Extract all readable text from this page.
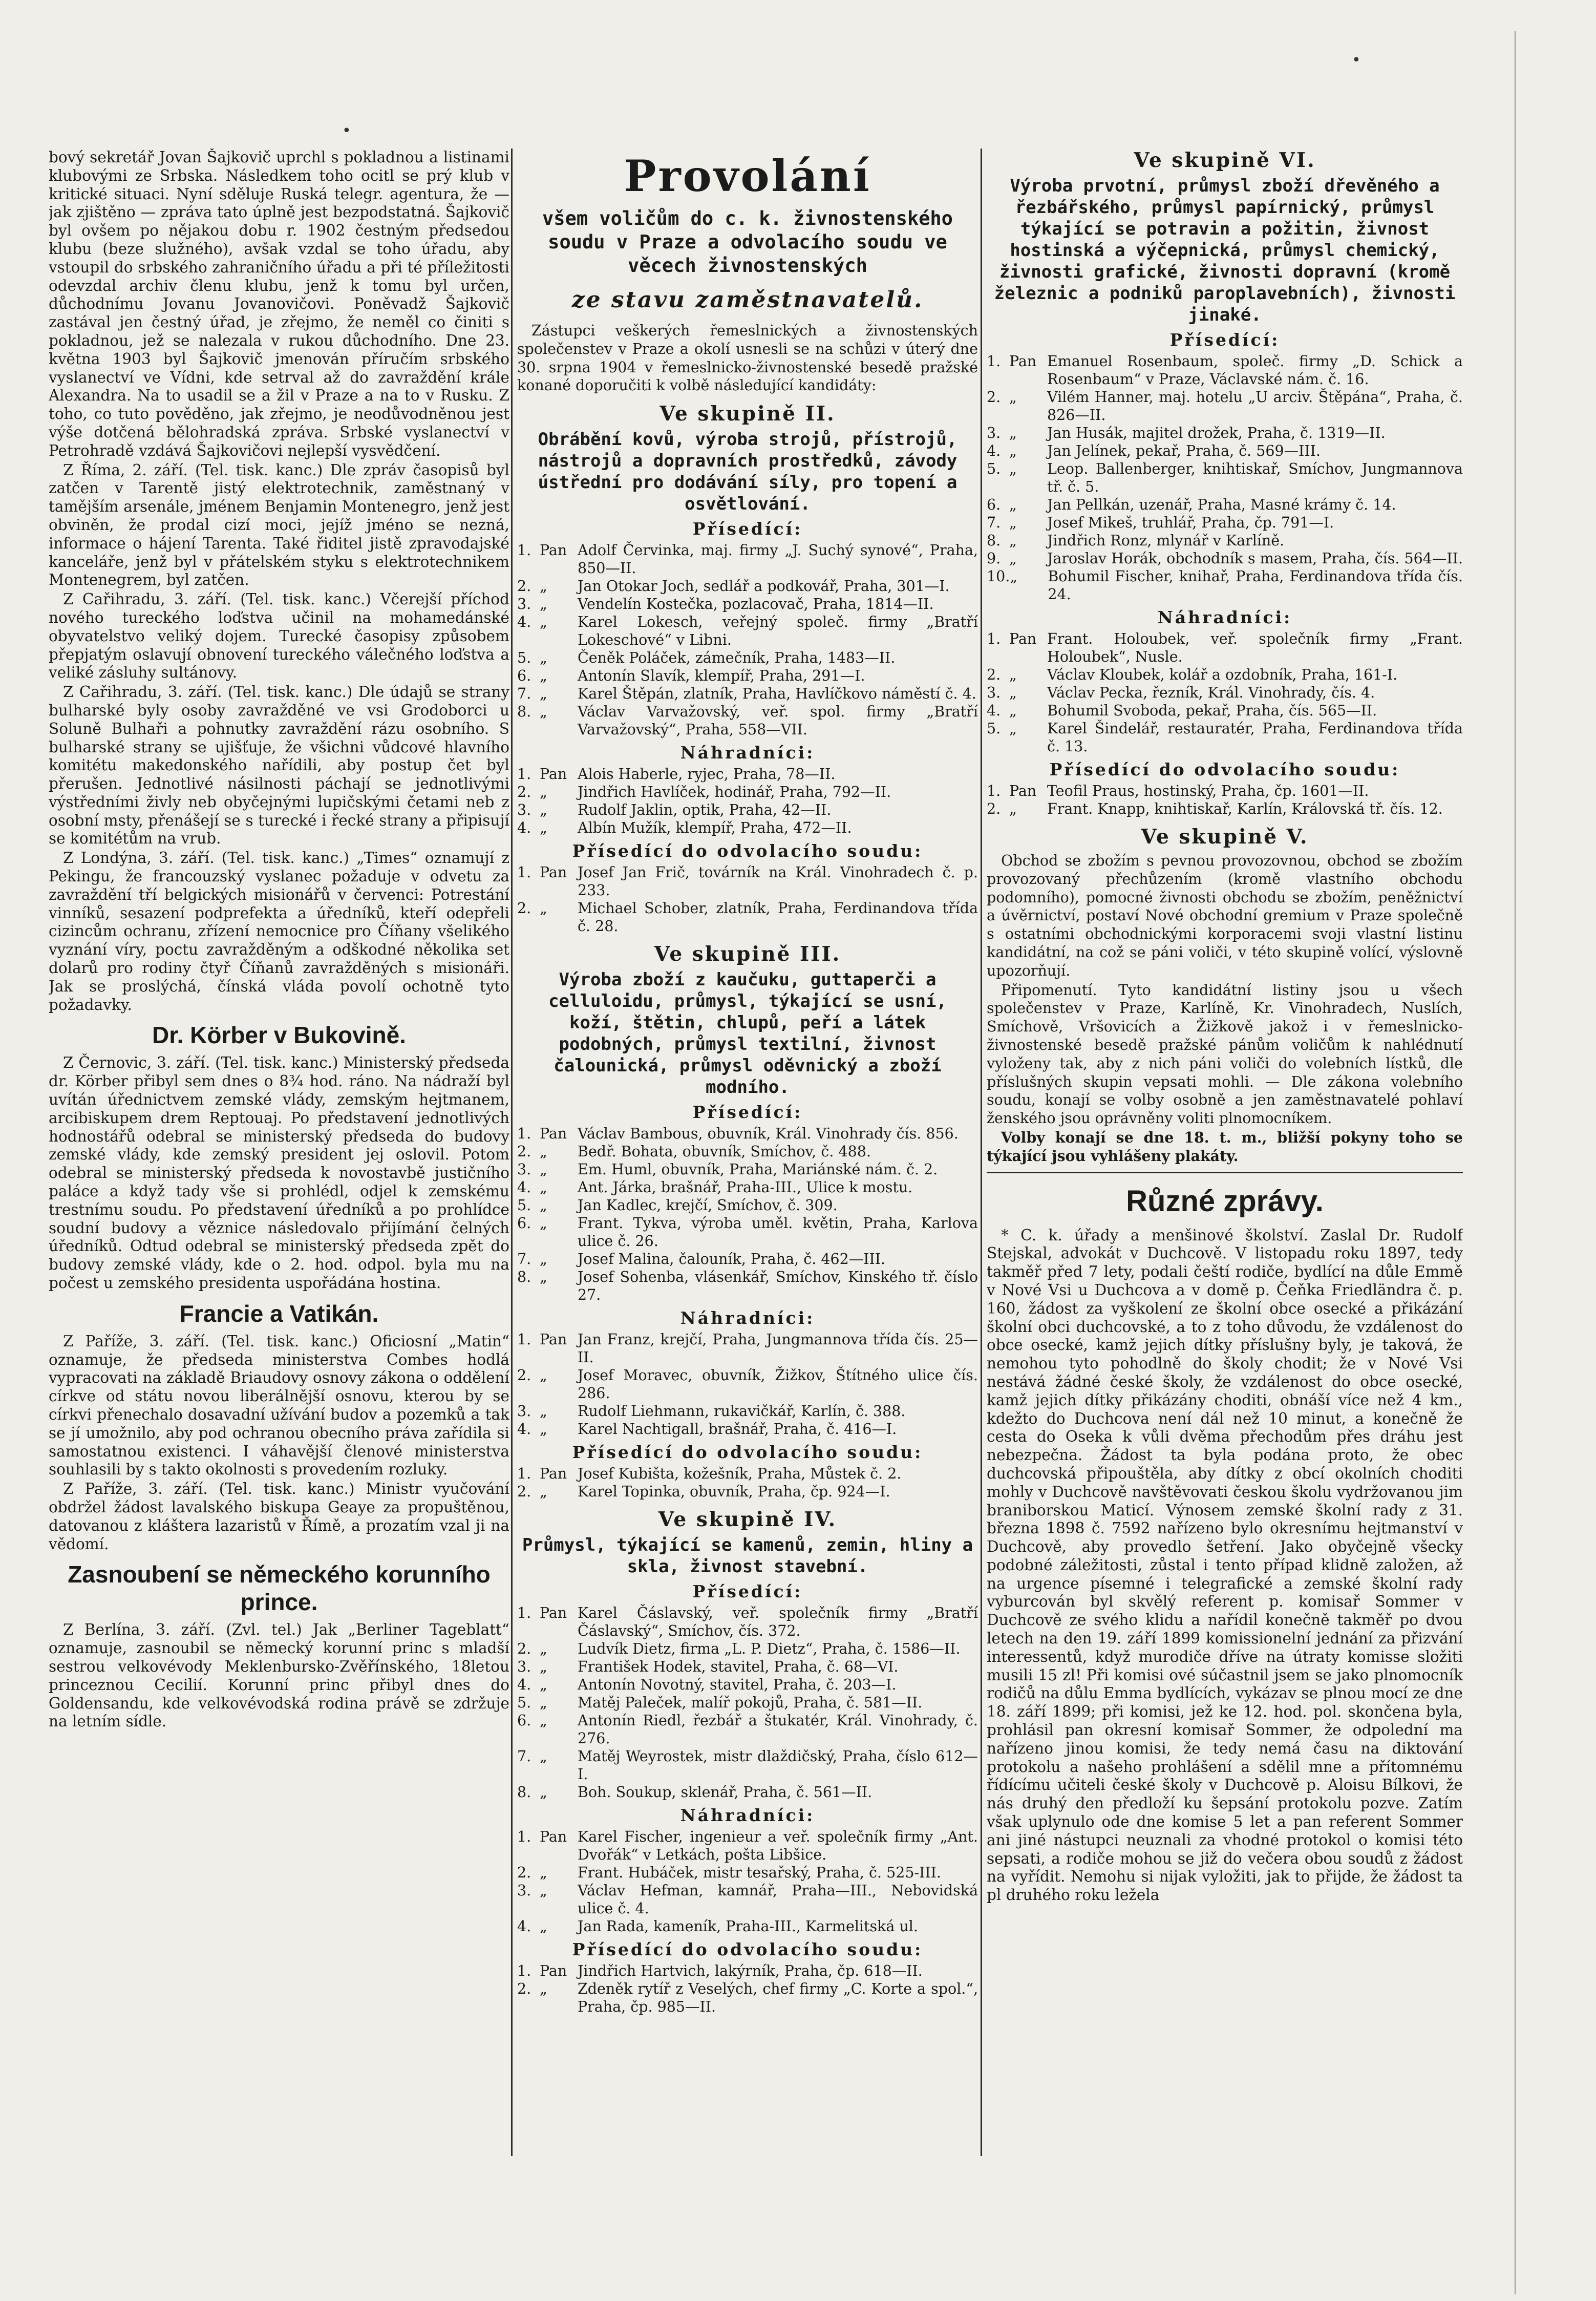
•
•

bový sekretář Jovan Šajkovič uprchl s pokladnou a listinami klubovými ze Srbska. Následkem toho ocitl se prý klub v kritické situaci. Nyní sděluje Ruská telegr. agentura, že — jak zjištěno — zpráva tato úplně jest bezpodstatná. Šajkovič byl ovšem po nějakou dobu r. 1902 čestným předsedou klubu (beze služného), avšak vzdal se toho úřadu, aby vstoupil do srbského zahraničního úřadu a při té příležitosti odevzdal archiv členu klubu, jenž k tomu byl určen, důchodnímu Jovanu Jovanovičovi. Poněvadž Šajkovič zastával jen čestný úřad, je zřejmo, že neměl co činiti s pokladnou, jež se nalezala v rukou důchodního. Dne 23. května 1903 byl Šajkovič jmenován příručím srbského vyslanectví ve Vídni, kde setrval až do zavraždění krále Alexandra. Na to usadil se a žil v Praze a na to v Rusku. Z toho, co tuto pověděno, jak zřejmo, je neodůvodněnou jest výše dotčená bělohradská zpráva. Srbské vyslanectví v Petrohradě vzdává Šajkovičovi nejlepší vysvědčení.

Z Říma, 2. září. (Tel. tisk. kanc.) Dle zpráv časopisů byl zatčen v Tarentě jistý elektrotechnik, zaměstnaný v tamějším arsenále, jménem Benjamin Montenegro, jenž jest obviněn, že prodal cizí moci, jejíž jméno se nezná, informace o hájení Tarenta. Také řiditel jistě zpravodajské kanceláře, jenž byl v přátelském styku s elektrotechnikem Montenegrem, byl zatčen.

Z Cařihradu, 3. září. (Tel. tisk. kanc.) Včerejší příchod nového tureckého loďstva učinil na mohamedánské obyvatelstvo veliký dojem. Turecké časopisy způsobem přepjatým oslavují obnovení tureckého válečného loďstva a veliké zásluhy sultánovy.

Z Cařihradu, 3. září. (Tel. tisk. kanc.) Dle údajů se strany bulharské byly osoby zavražděné ve vsi Grodoborci u Soluně Bulhaři a pohnutky zavraždění rázu osobního. S bulharské strany se ujišťuje, že všichni vůdcové hlavního komitétu makedonského nařídili, aby postup čet byl přerušen. Jednotlivé násilnosti páchají se jednotlivými výstředními živly neb obyčejnými lupičskými četami neb z osobní msty, přenášejí se s turecké i řecké strany a připisují se komitétům na vrub.

Z Londýna, 3. září. (Tel. tisk. kanc.) „Times“ oznamují z Pekingu, že francouzský vyslanec požaduje v odvetu za zavraždění tří belgických misionářů v červenci: Potrestání vinníků, sesazení podprefekta a úředníků, kteří odepřeli cizincům ochranu, zřízení nemocnice pro Číňany všelikého vyznání víry, poctu zavražděným a odškodné několika set dolarů pro rodiny čtyř Číňanů zavražděných s misionáři. Jak se proslýchá, čínská vláda povolí ochotně tyto požadavky.

Dr. Körber v Bukovině.

Z Černovic, 3. září. (Tel. tisk. kanc.) Ministerský předseda dr. Körber přibyl sem dnes o 8¾ hod. ráno. Na nádraží byl uvítán úřednictvem zemské vlády, zemským hejtmanem, arcibiskupem drem Reptouaj. Po představení jednotlivých hodnostářů odebral se ministerský předseda do budovy zemské vlády, kde zemský president jej oslovil. Potom odebral se ministerský předseda k novostavbě justičního paláce a když tady vše si prohlédl, odjel k zemskému trestnímu soudu. Po představení úředníků a po prohlídce soudní budovy a věznice následovalo přijímání čelných úředníků. Odtud odebral se ministerský předseda zpět do budovy zemské vlády, kde o 2. hod. odpol. byla mu na počest u zemského presidenta uspořádána hostina.

Francie a Vatikán.

Z Paříže, 3. září. (Tel. tisk. kanc.) Oficiosní „Matin“ oznamuje, že předseda ministerstva Combes hodlá vypracovati na základě Briaudovy osnovy zákona o oddělení církve od státu novou liberálnější osnovu, kterou by se církvi přenechalo dosavadní užívání budov a pozemků a tak se jí umožnilo, aby pod ochranou obecního práva zařídila si samostatnou existenci. I váhavější členové ministerstva souhlasili by s takto okolnosti s provedením rozluky.

Z Paříže, 3. září. (Tel. tisk. kanc.) Ministr vyučování obdržel žádost lavalského biskupa Geaye za propuštěnou, datovanou z kláštera lazaristů v Římě, a prozatím vzal ji na vědomí.

Zasnoubení se německého korunního prince.

Z Berlína, 3. září. (Zvl. tel.) Jak „Berliner Tageblatt“ oznamuje, zasnoubil se německý korunní princ s mladší sestrou velkovévody Meklenbursko-Zvěřínského, 18letou princeznou Cecilií. Korunní princ přibyl dnes do Goldensandu, kde velkovévodská rodina právě se zdržuje na letním sídle.

Provolání
všem voličům do c. k. živnostenského soudu v Praze a odvolacího soudu ve věcech živnostenských
ze stavu zaměstnavatelů.

Zástupci veškerých řemeslnických a živnostenských společenstev v Praze a okolí usnesli se na schůzi v úterý dne 30. srpna 1904 v řemeslnicko-živnostenské besedě pražské konané doporučiti k volbě následující kandidáty:

Ve skupině II.

Obrábění kovů, výroba strojů, přístrojů, nástrojů a dopravních prostředků, závody ústřední pro dodávání síly, pro topení a osvětlování.

Přísedící:
1. Pan Adolf Červinka, maj. firmy „J. Suchý synové“, Praha, 850—II.
2. „	Jan Otokar Joch, sedlář a podkovář, Praha, 301—I.
3. „	Vendelín Kostečka, pozlacovač, Praha, 1814—II.
4. „	Karel Lokesch, veřejný společ. firmy „Bratří Lokeschové“ v Libni.
5. „	Čeněk Poláček, zámečník, Praha, 1483—II.
6. „	Antonín Slavík, klempíř, Praha, 291—I.
7. „	Karel Štěpán, zlatník, Praha, Havlíčkovo náměstí č. 4.
8. „	Václav Varvažovský, veř. spol. firmy „Bratří Varvažovský“, Praha, 558—VII.
Náhradníci:
1. Pan Alois Haberle, ryjec, Praha, 78—II.
2. „	Jindřich Havlíček, hodinář, Praha, 792—II.
3. „	Rudolf Jaklin, optik, Praha, 42—II.
4. „	Albín Mužík, klempíř, Praha, 472—II.
Přísedící do odvolacího soudu:
1. Pan Josef Jan Frič, továrník na Král. Vinohradech č. p. 233.
2. „	Michael Schober, zlatník, Praha, Ferdinandova třída č. 28.
Ve skupině III.

Výroba zboží z kaučuku, guttaperči a celluloidu, průmysl, týkající se usní, koží, štětin, chlupů, peří a látek podobných, průmysl textilní, živnost čalounická, průmysl oděvnický a zboží modního.

Přísedící:
1. Pan Václav Bambous, obuvník, Král. Vinohrady čís. 856.
2. „	Bedř. Bohata, obuvník, Smíchov, č. 488.
3. „	Em. Huml, obuvník, Praha, Mariánské nám. č. 2.
4. „	Ant. Járka, brašnář, Praha-III., Ulice k mostu.
5. „	Jan Kadlec, krejčí, Smíchov, č. 309.
6. „	Frant. Tykva, výroba uměl. květin, Praha, Karlova ulice č. 26.
7. „	Josef Malina, čalouník, Praha, č. 462—III.
8. „	Josef Sohenba, vlásenkář, Smíchov, Kinského tř. číslo 27.
Náhradníci:
1. Pan Jan Franz, krejčí, Praha, Jungmannova třída čís. 25—II.
2. „	Josef Moravec, obuvník, Žižkov, Štítného ulice čís. 286.
3. „	Rudolf Liehmann, rukavičkář, Karlín, č. 388.
4. „	Karel Nachtigall, brašnář, Praha, č. 416—I.
Přísedící do odvolacího soudu:
1. Pan Josef Kubišta, kožešník, Praha, Můstek č. 2.
2. „	Karel Topinka, obuvník, Praha, čp. 924—I.
Ve skupině IV.

Průmysl, týkající se kamenů, zemin, hliny a skla, živnost stavební.

Přísedící:
1. Pan Karel Čáslavský, veř. společník firmy „Bratří Čáslavský“, Smíchov, čís. 372.
2. „	Ludvík Dietz, firma „L. P. Dietz“, Praha, č. 1586—II.
3. „	František Hodek, stavitel, Praha, č. 68—VI.
4. „	Antonín Novotný, stavitel, Praha, č. 203—I.
5. „	Matěj Paleček, malíř pokojů, Praha, č. 581—II.
6. „	Antonín Riedl, řezbář a štukatér, Král. Vinohrady, č. 276.
7. „	Matěj Weyrostek, mistr dlaždičský, Praha, číslo 612—I.
8. „	Boh. Soukup, sklenář, Praha, č. 561—II.
Náhradníci:
1. Pan Karel Fischer, ingenieur a veř. společník firmy „Ant. Dvořák“ v Letkách, pošta Libšice.
2. „	Frant. Hubáček, mistr tesařský, Praha, č. 525-III.
3. „	Václav Hefman, kamnář, Praha—III., Nebovidská ulice č. 4.
4. „	Jan Rada, kameník, Praha-III., Karmelitská ul.
Přísedící do odvolacího soudu:
1. Pan Jindřich Hartvich, lakýrník, Praha, čp. 618—II.
2. „	Zdeněk rytíř z Veselých, chef firmy „C. Korte a spol.“, Praha, čp. 985—II.
Ve skupině VI.

Výroba prvotní, průmysl zboží dřevěného a řezbářského, průmysl papírnický, průmysl týkající se potravin a požitin, živnost hostinská a výčepnická, průmysl chemický, živnosti grafické, živnosti dopravní (kromě železnic a podniků paroplavebních), živnosti jinaké.

Přísedící:
1. Pan Emanuel Rosenbaum, společ. firmy „D. Schick a Rosenbaum“ v Praze, Václavské nám. č. 16.
2. „	Vilém Hanner, maj. hotelu „U arciv. Štěpána“, Praha, č. 826—II.
3. „	Jan Husák, majitel drožek, Praha, č. 1319—II.
4. „	Jan Jelínek, pekař, Praha, č. 569—III.
5. „	Leop. Ballenberger, knihtiskař, Smíchov, Jungmannova tř. č. 5.
6. „	Jan Pellkán, uzenář, Praha, Masné krámy č. 14.
7. „	Josef Mikeš, truhlář, Praha, čp. 791—I.
8. „	Jindřich Ronz, mlynář v Karlíně.
9. „	Jaroslav Horák, obchodník s masem, Praha, čís. 564—II.
10. „	Bohumil Fischer, knihař, Praha, Ferdinandova třída čís. 24.
Náhradníci:
1. Pan Frant. Holoubek, veř. společník firmy „Frant. Holoubek“, Nusle.
2. „	Václav Kloubek, kolář a ozdobník, Praha, 161-I.
3. „	Václav Pecka, řezník, Král. Vinohrady, čís. 4.
4. „	Bohumil Svoboda, pekař, Praha, čís. 565—II.
5. „	Karel Šindelář, restauratér, Praha, Ferdinandova třída č. 13.
Přísedící do odvolacího soudu:
1. Pan Teofil Praus, hostinský, Praha, čp. 1601—II.
2. „	Frant. Knapp, knihtiskař, Karlín, Královská tř. čís. 12.
Ve skupině V.

Obchod se zbožím s pevnou provozovnou, obchod se zbožím provozovaný přechůzením (kromě vlastního obchodu podomního), pomocné živnosti obchodu se zbožím, peněžnictví a úvěrnictví, postaví Nové obchodní gremium v Praze společně s ostatními obchodnickými korporacemi svoji vlastní listinu kandidátní, na což se páni voliči, v této skupině volící, výslovně upozorňují.

Připomenutí. Tyto kandidátní listiny jsou u všech společenstev v Praze, Karlíně, Kr. Vinohradech, Nuslích, Smíchově, Vršovicích a Žižkově jakož i v řemeslnicko-živnostenské besedě pražské pánům voličům k nahlédnutí vyloženy tak, aby z nich páni voliči do volebních lístků, dle příslušných skupin vepsati mohli. — Dle zákona volebního soudu, konají se volby osobně a jen zaměstnavatelé pohlaví ženského jsou oprávněny voliti plnomocníkem.

Volby konají se dne 18. t. m., bližší pokyny toho se týkající jsou vyhlášeny plakáty.

Různé zprávy.

* C. k. úřady a menšinové školství. Zaslal Dr. Rudolf Stejskal, advokát v Duchcově. V listopadu roku 1897, tedy takměř před 7 lety, podali čeští rodiče, bydlící na důle Emmě v Nové Vsi u Duchcova a v domě p. Čeňka Friedländra č. p. 160, žádost za vyškolení ze školní obce osecké a přikázání školní obci duchcovské, a to z toho důvodu, že vzdálenost do obce osecké, kamž jejich dítky příslušny byly, je taková, že nemohou tyto pohodlně do školy chodit; že v Nové Vsi nestává žádné české školy, že vzdálenost do obce osecké, kamž jejich dítky přikázány choditi, obnáší více než 4 km., kdežto do Duchcova není dál než 10 minut, a konečně že cesta do Oseka k vůli dvěma přechodům přes dráhu jest nebezpečna. Žádost ta byla podána proto, že obec duchcovská připouštěla, aby dítky z obcí okolních choditi mohly v Duchcově navštěvovati českou školu vydržovanou jim braniborskou Maticí. Výnosem zemské školní rady z 31. března 1898 č. 7592 nařízeno bylo okresnímu hejtmanství v Duchcově, aby provedlo šetření. Jako obyčejně všecky podobné záležitosti, zůstal i tento případ klidně založen, až na urgence písemné i telegrafické a zemské školní rady vyburcován byl skvělý referent p. komisař Sommer v Duchcově ze svého klidu a nařídil konečně takměř po dvou letech na den 19. září 1899 komissionelní jednání za přizvání interessentů, když murodiče dříve na útraty komisse složiti musili 15 zl! Při komisi ové súčastnil jsem se jako plnomocník rodičů na důlu Emma bydlících, vykázav se plnou mocí ze dne 18. září 1899; při komisi, jež ke 12. hod. pol. skončena byla, prohlásil pan okresní komisař Sommer, že odpolední ma nařízeno jinou komisi, že tedy nemá času na diktování protokolu a našeho prohlášení a sdělil mne a přítomnému řídícímu učiteli české školy v Duchcově p. Aloisu Bílkovi, že nás druhý den předloží ku šepsání protokolu pozve. Zatím však uplynulo ode dne komise 5 let a pan referent Sommer ani jiné nástupci neuznali za vhodné protokol o komisi této sepsati, a rodiče mohou se již do večera obou soudů z žádost na vyřídit. Nemohu si nijak vyložiti, jak to přijde, že žádost ta pl druhého roku ležela
